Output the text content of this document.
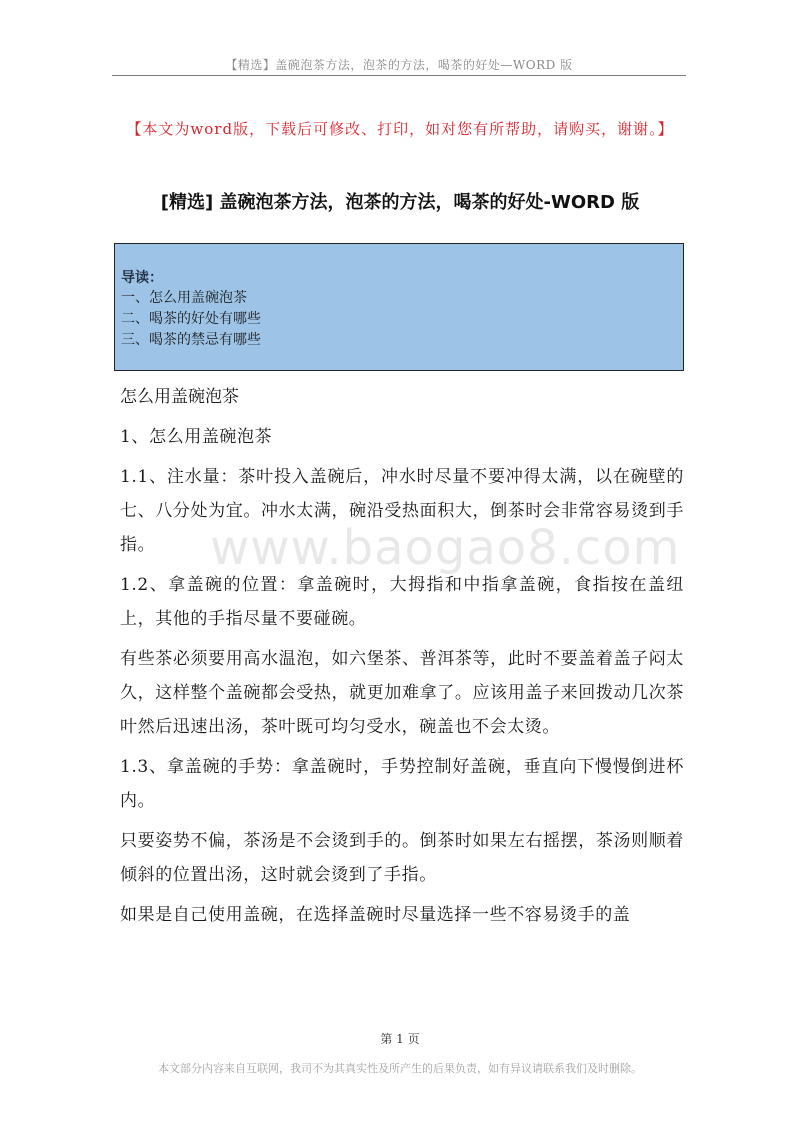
【精选】盖碗泡茶方法，泡茶的方法，喝茶的好处—WORD 版
【本文为word版，下载后可修改、打印，如对您有所帮助，请购买，谢谢。】
[精选] 盖碗泡茶方法，泡茶的方法，喝茶的好处-WORD 版
导读：
一、怎么用盖碗泡茶
二、喝茶的好处有哪些
三、喝茶的禁忌有哪些
怎么用盖碗泡茶

1、怎么用盖碗泡茶

1.1、注水量：茶叶投入盖碗后，冲水时尽量不要冲得太满，以在碗壁的七、八分处为宜。冲水太满，碗沿受热面积大，倒茶时会非常容易烫到手指。

1.2、拿盖碗的位置：拿盖碗时，大拇指和中指拿盖碗，食指按在盖纽上，其他的手指尽量不要碰碗。

有些茶必须要用高水温泡，如六堡茶、普洱茶等，此时不要盖着盖子闷太久，这样整个盖碗都会受热，就更加难拿了。应该用盖子来回拨动几次茶叶然后迅速出汤，茶叶既可均匀受水，碗盖也不会太烫。

1.3、拿盖碗的手势：拿盖碗时，手势控制好盖碗，垂直向下慢慢倒进杯内。

只要姿势不偏，茶汤是不会烫到手的。倒茶时如果左右摇摆，茶汤则顺着倾斜的位置出汤，这时就会烫到了手指。

如果是自己使用盖碗，在选择盖碗时尽量选择一些不容易烫手的盖

www.baogao8.com
第 1 页
本文部分内容来自互联网，我司不为其真实性及所产生的后果负责，如有异议请联系我们及时删除。
